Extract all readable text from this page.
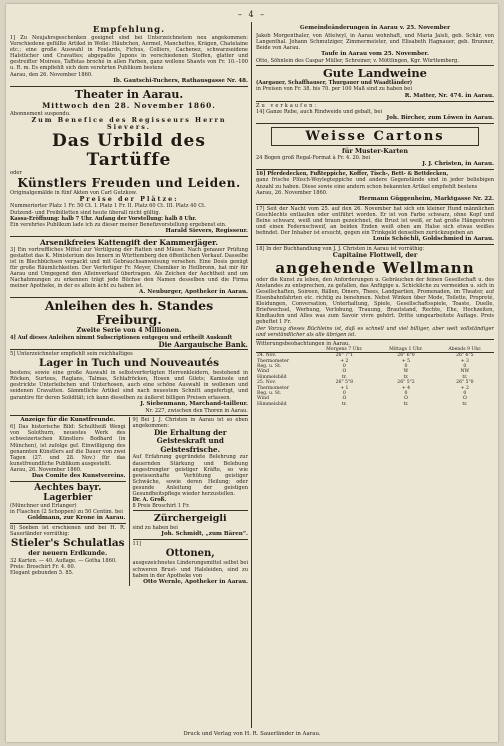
– 4 –
Empfehlung.
1] Zu Neujahrsgeschenken geeignet sind bei Unterzeichnetem neu angekommen: Verschiedene gefüllte Artikel in Wolle: Häubchen, Aermel, Manchettes, Krägen, Chatelaine etc.; eine große Auswahl in Foulards, Fichus, Colliers, Cachenez, schwarzseidene Halstücher und Cravattes; abgepaßte Jupons in verschiedenen Stoffen, glatter und gestreifter Moirees, Taffetas broché in allen Farben, ganz wollene Shawls von Fr. 10.–100 u. R. m. Es empfiehlt sich dem verehrten Publikum bestens
Aarau, den 26. November 1860.
Ib. Gautschi-Tuchers, Rathausgasse Nr. 48.
Theater in Aarau.
Mittwoch den 28. November 1860.
Abonnement suspendu.
Zum Benefice des Regisseurs Herrn Sievers.
Das Urbild des Tartüffe
oder
Künstlers Freuden und Leiden.
Originalgemälde in fünf Akten von Carl Gutzkow.
Preise der Plätze:
Nummerierter Platz 1 Fr. 50 Ct. I. Platz 1 Fr. II. Platz 60 Ct. III. Platz 40 Ct.
Dutzend- und Freibilletten sind heute überall nicht gültig.
Kassa-Eröffnung: halb 7 Uhr. Anfang der Vorstellung: halb 8 Uhr.
Ein verehrtes Publikum lade ich zu dieser meiner Benefizvorstellung ergebenst ein.
Harald Sievers, Regisseur.
Arsenikfreies Kattengift der Kammerjäger.
3] Ein vortreffliches Mittel zur Vertilgung der Ratten und Mäuse. Nach genauer Prüfung gestattet das K. Ministerium des Innern in Württemberg den öffentlichen Verkauf. Dasselbe ist in Blechbüchsen verpackt und mit Gebrauchsanweisung versehen. Eine Dosis genügt für große Räumlichkeiten. Der Verfertiger Fr. Meyer, Chemiker in Heilbronn, hat mir für Aarau und Umgegend den Alleinverkauf übertragen. Als Zeichen der Aechtheit und um Nachahmungen zu erkennen trägt jede Büchse den Namen desselben und die Firma meiner Apotheke, in der es allein ächt zu haben ist.
A. Neuburger, Apotheker in Aarau.
Anleihen des h. Standes Freiburg.
Zweite Serie von 4 Millionen.
4] Auf dieses Anleihen nimmt Subscriptionen entgegen und ertheilt Auskunft
Die Aargauische Bank.
5] Unterzeichneter empfiehlt sein reichhaltiges
Lager in Tuch und Nouveautés
bestens; sowie eine große Auswahl in selbstverfertigten Herrenkleidern, bestehend in Röcken, Surtous, Raglans, Talmas, Schlafröcken, Hosen und Gilets; Kamisole und gestrickte Unterleibchen und Unterhosen, auch eine schöne Auswahl in wollenen und seidenen Cravatten. Sämmtliche Artikel sind nach neuestem Schnitt angefertigt, und garantire für deren Solidität; ich kann dieselben zu äußerst billigen Preisen erlassen.
J. Siebenmann, Marchand-tailleur.
Nr. 227, zwischen den Thoren in Aarau.
Anzeige für die Kunstfreunde.
6] Das historische Bild: Schultheiß Wengi von Solothurn, neuestes Werk des schweizerischen Künstlers Bodhard (in München), ist zufolge gef. Einwilligung des genannten Künstlers auf die Dauer von zwei Tagen (27. und 28. Nov.) für das kunstfreundliche Publikum ausgestellt.
Aarau, 26. November 1860.
Das Comite des Kunstvereins.
Aechtes bayr. Lagerbier
(Münchner und Erlanger)
in Flaschen (2 Schoppen) zu 50 Centim. bei
Goldmann, zur Krone in Aarau.
8] Soeben ist erschienen und bei H. R. Sauerländer vorräthig:
Stieler's Schulatlas
der neuern Erdkunde.
32 Karten. — 40. Auflage. — Gotha 1860.
Preis: Broschirt Fr. 4. 60.
Elegant gebunden 5. 85.
9] Bei J. J. Christen in Aarau ist so eben angekommen:
Die Erhaltung der Geisteskraft und Geistesfrische.
Auf Erfahrung gegründete Belehrung zur dauernden Stärkung und Belebung angestrengter geistiger Kräfte, so wie gewissenhafte Verhütung geistiger Schwäche, sowie deren Heilung; oder gesunde Anleitung der geistigen Gesundheitspflege wieder herzustellen.
Dr. A. Groß.
8 Preis Broschirt 1 Fr.
Zürchergeigli
sind zu haben bei
Joh. Schmidt, „zum Bären“.
11]
Ottonen,
ausgezeichnetes Linderungsmittel selbst bei schweren Brust- und Halsleiden, sind zu haben in der Apotheke von
Otto Wernle, Apotheker in Aarau.
Gemeindeänderungen in Aarau v. 25. November
Jakob Morgenthaler, von Attelwyl, in Aarau wohnhaft, und Maria Jaisli, geb. Schär, von Langenthal. Johann Schmutziger, Zimmermeister, und Elisabeth Hagnauer, geb. Brunner, Beide von Aarau.
Taufe in Aarau vom 25. November.
Otto, Söhnlein des Caspar Müller, Schreiner, v. Möttlingen, Kgr. Württemberg.
Gute Landweine
(Aargauer, Schaffhauser, Thurgauer und Waadtländer)
in Preisen von Fr. 38. bis 70. per 100 Maß sind zu haben bei
R. Matter, Nr. 474. in Aarau.
Zu verkaufen:
14] Ganze Rebe, auch Rindweide und gebalt, bei
Joh. Bircher, zum Löwen in Aarau.
Weisse Cartons
für Muster-Karten
24 Bogen groß Regal-Format à Fr. 4. 20. bei
J. J. Christen, in Aarau.
16] Pferdedecken, Fußteppiche, Koffer, Tisch-, Bett- & Bettdecken,
ganz frische Plüsch-Woylegteppiche und andere Gegenstände sind in jeder beliebigen Anzahl zu haben. Diese sowie eine andern schon bekannten Artikel empfiehlt bestens
Aarau, 26. November 1860.
Hermann Güggenheim, Marktgasse Nr. 22.
17] Seit der Nacht vom 25. auf den 26. November hat sich ein kleiner Hund männlichen Geschlechts entlaufen oder entführt worden. Er ist von Farbe schwarz, ohne Kopf und Beine schwarz, weiß und braun gezeichnet, die Brust ist weiß, er hat große Hängeohren und einen Federnschweif, an beiden Enden weiß oben am Halse sich etwas weißes befindet. Der Inhaber ist ersucht, gegen ein Trinkgeld denselben zurückzugeben an
Louis Schöchli, Goldschmied in Aarau.
18] In der Buchhandlung von J. J. Christen in Aarau ist vorräthig:
Capitaine Flottwell, der
angehende Wellmann
oder die Kunst zu leben, den Anforderungen u. Gebräuchen der feinen Gesellschaft u. des Anstandes zu entsprechen, zu gefallen, das Anfügige u. Schickliche zu vermeiden u. sich in Gesellschaften, Soireen, Bällen, Diners, Thees, Landpartien, Promenaden, im Theater, auf Eisenbahnfahrten etc. richtig zu benehmen. Nebst Winken über Mode, Toilette, Propreté, Kleidungen, Conversation, Unterhaltung, Spiele, Gesellschaftsspiele, Toaste, Duelle, Briefwechsel, Werbung, Verlobung, Trauung, Brautstand, Rechte, Ehe, Hochzeiten, Kindtaufen und Alles was zum Savoir vivre gehört. Dritte umgearbeitete Auflage. Preis geheftet 1 Fr.
Der Vorzug dieses Büchleins ist, daß es schnell und viel billiger, aber weit vollständiger und verständlicher als alle übrigen ist.
Witterungsbeobachtungen in Aarau.
	Morgens 7 Uhr.	Mittags 1 Uhr.	Abends 9 Uhr.
24. Nov.	26" 7"1	26" 6"0	26" 6"5
Thermometer	+ 2	+ 5	+ 3
Reg. u. St.	0	0	0
Wind	O	W	NW
Himmelsbild	tr.	tr.	tr.
25. Nov.	26" 5"8	26" 5"2	26" 5"0
Thermometer	+ 1	+ 4	+ 2
Reg. u. St.	0	0	0
Wind	O	O	O
Himmelsbild	tr.	tr.	tr.
Druck und Verlag von H. R. Sauerländer in Aarau.
